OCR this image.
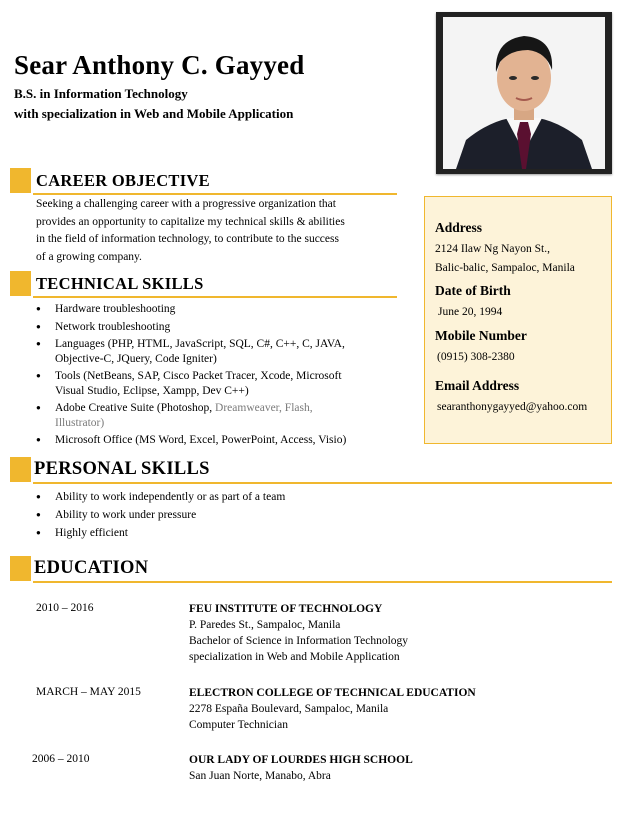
Sear Anthony C. Gayyed
B.S. in Information Technology
with specialization in Web and Mobile Application
CAREER OBJECTIVE
Seeking a challenging career with a progressive organization that
provides an opportunity to capitalize my technical skills & abilities
in the field of information technology, to contribute to the success
of a growing company.
TECHNICAL SKILLS
● Hardware troubleshooting
● Network troubleshooting
● Languages (PHP, HTML, JavaScript, SQL, C#, C++, C, JAVA,
Objective-C, JQuery, Code Igniter)
● Tools (NetBeans, SAP, Cisco Packet Tracer, Xcode, Microsoft
Visual Studio, Eclipse, Xampp, Dev C++)
● Adobe Creative Suite (Photoshop, Dreamweaver, Flash,
Illustrator)
● Microsoft Office (MS Word, Excel, PowerPoint, Access, Visio)
Address
2124 Ilaw Ng Nayon St.,
Balic-balic, Sampaloc, Manila
Date of Birth
June 20, 1994
Mobile Number
(0915) 308-2380
Email Address
searanthonygayyed@yahoo.com
PERSONAL SKILLS
● Ability to work independently or as part of a team
● Ability to work under pressure
● Highly efficient
EDUCATION
2010 – 2016	FEU INSTITUTE OF TECHNOLOGY
P. Paredes St., Sampaloc, Manila
Bachelor of Science in Information Technology
specialization in Web and Mobile Application
MARCH – MAY 2015	ELECTRON COLLEGE OF TECHNICAL EDUCATION
2278 España Boulevard, Sampaloc, Manila
Computer Technician
2006 – 2010	OUR LADY OF LOURDES HIGH SCHOOL
San Juan Norte, Manabo, Abra
